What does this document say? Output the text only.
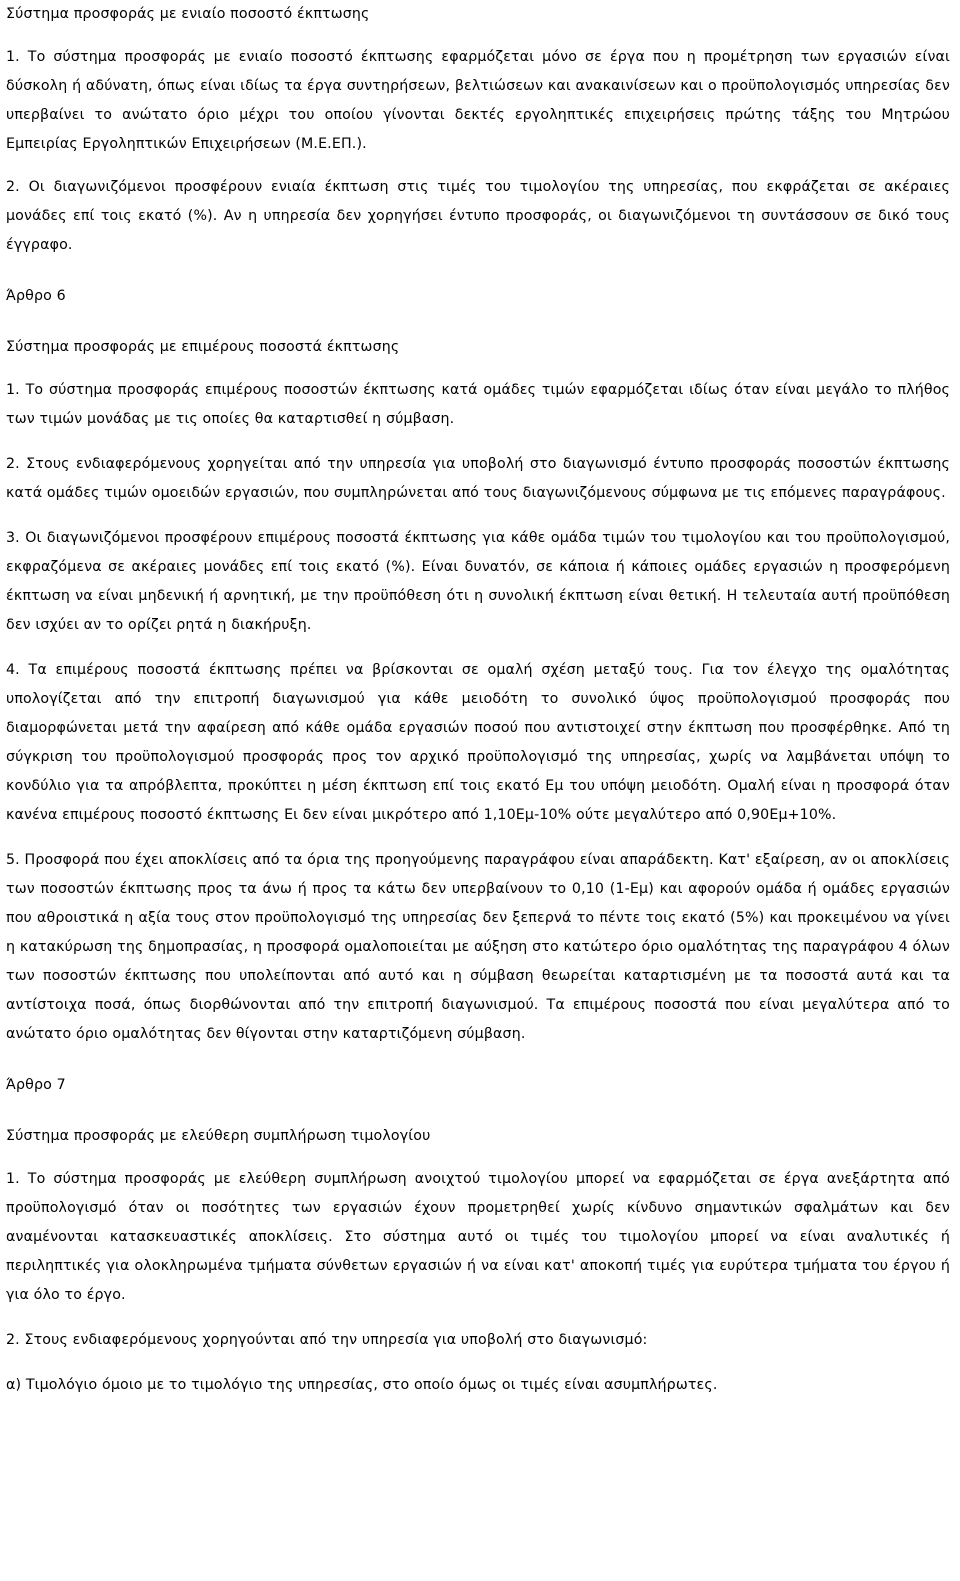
Σύστημα προσφοράς με ενιαίο ποσοστό έκπτωσης

1. Το σύστημα προσφοράς με ενιαίο ποσοστό έκπτωσης εφαρμόζεται μόνο σε έργα που η προμέτρηση των εργασιών είναι δύσκολη ή αδύνατη, όπως είναι ιδίως τα έργα συντηρήσεων, βελτιώσεων και ανακαινίσεων και ο προϋπολογισμός υπηρεσίας δεν υπερβαίνει το ανώτατο όριο μέχρι του οποίου γίνονται δεκτές εργοληπτικές επιχειρήσεις πρώτης τάξης του Μητρώου Εμπειρίας Εργοληπτικών Επιχειρήσεων (Μ.Ε.ΕΠ.).

2. Οι διαγωνιζόμενοι προσφέρουν ενιαία έκπτωση στις τιμές του τιμολογίου της υπηρεσίας, που εκφράζεται σε ακέραιες μονάδες επί τοις εκατό (%). Αν η υπηρεσία δεν χορηγήσει έντυπο προσφοράς, οι διαγωνιζόμενοι τη συντάσσουν σε δικό τους έγγραφο.

Άρθρο 6

Σύστημα προσφοράς με επιμέρους ποσοστά έκπτωσης

1. Το σύστημα προσφοράς επιμέρους ποσοστών έκπτωσης κατά ομάδες τιμών εφαρμόζεται ιδίως όταν είναι μεγάλο το πλήθος των τιμών μονάδας με τις οποίες θα καταρτισθεί η σύμβαση.

2. Στους ενδιαφερόμενους χορηγείται από την υπηρεσία για υποβολή στο διαγωνισμό έντυπο προσφοράς ποσοστών έκπτωσης κατά ομάδες τιμών ομοειδών εργασιών, που συμπληρώνεται από τους διαγωνιζόμενους σύμφωνα με τις επόμενες παραγράφους.

3. Οι διαγωνιζόμενοι προσφέρουν επιμέρους ποσοστά έκπτωσης για κάθε ομάδα τιμών του τιμολογίου και του προϋπολογισμού, εκφραζόμενα σε ακέραιες μονάδες επί τοις εκατό (%). Είναι δυνατόν, σε κάποια ή κάποιες ομάδες εργασιών η προσφερόμενη έκπτωση να είναι μηδενική ή αρνητική, με την προϋπόθεση ότι η συνολική έκπτωση είναι θετική. Η τελευταία αυτή προϋπόθεση δεν ισχύει αν το ορίζει ρητά η διακήρυξη.

4. Τα επιμέρους ποσοστά έκπτωσης πρέπει να βρίσκονται σε ομαλή σχέση μεταξύ τους. Για τον έλεγχο της ομαλότητας υπολογίζεται από την επιτροπή διαγωνισμού για κάθε μειοδότη το συνολικό ύψος προϋπολογισμού προσφοράς που διαμορφώνεται μετά την αφαίρεση από κάθε ομάδα εργασιών ποσού που αντιστοιχεί στην έκπτωση που προσφέρθηκε. Από τη σύγκριση του προϋπολογισμού προσφοράς προς τον αρχικό προϋπολογισμό της υπηρεσίας, χωρίς να λαμβάνεται υπόψη το κονδύλιο για τα απρόβλεπτα, προκύπτει η μέση έκπτωση επί τοις εκατό Εμ του υπόψη μειοδότη. Ομαλή είναι η προσφορά όταν κανένα επιμέρους ποσοστό έκπτωσης Ει δεν είναι μικρότερο από 1,10Εμ-10% ούτε μεγαλύτερο από 0,90Εμ+10%.

5. Προσφορά που έχει αποκλίσεις από τα όρια της προηγούμενης παραγράφου είναι απαράδεκτη. Κατ' εξαίρεση, αν οι αποκλίσεις των ποσοστών έκπτωσης προς τα άνω ή προς τα κάτω δεν υπερβαίνουν το 0,10 (1-Εμ) και αφορούν ομάδα ή ομάδες εργασιών που αθροιστικά η αξία τους στον προϋπολογισμό της υπηρεσίας δεν ξεπερνά το πέντε τοις εκατό (5%) και προκειμένου να γίνει η κατακύρωση της δημοπρασίας, η προσφορά ομαλοποιείται με αύξηση στο κατώτερο όριο ομαλότητας της παραγράφου 4 όλων των ποσοστών έκπτωσης που υπολείπονται από αυτό και η σύμβαση θεωρείται καταρτισμένη με τα ποσοστά αυτά και τα αντίστοιχα ποσά, όπως διορθώνονται από την επιτροπή διαγωνισμού. Τα επιμέρους ποσοστά που είναι μεγαλύτερα από το ανώτατο όριο ομαλότητας δεν θίγονται στην καταρτιζόμενη σύμβαση.

Άρθρο 7

Σύστημα προσφοράς με ελεύθερη συμπλήρωση τιμολογίου

1. Το σύστημα προσφοράς με ελεύθερη συμπλήρωση ανοιχτού τιμολογίου μπορεί να εφαρμόζεται σε έργα ανεξάρτητα από προϋπολογισμό όταν οι ποσότητες των εργασιών έχουν προμετρηθεί χωρίς κίνδυνο σημαντικών σφαλμάτων και δεν αναμένονται κατασκευαστικές αποκλίσεις. Στο σύστημα αυτό οι τιμές του τιμολογίου μπορεί να είναι αναλυτικές ή περιληπτικές για ολοκληρωμένα τμήματα σύνθετων εργασιών ή να είναι κατ' αποκοπή τιμές για ευρύτερα τμήματα του έργου ή για όλο το έργο.

2. Στους ενδιαφερόμενους χορηγούνται από την υπηρεσία για υποβολή στο διαγωνισμό:

α) Τιμολόγιο όμοιο με το τιμολόγιο της υπηρεσίας, στο οποίο όμως οι τιμές είναι ασυμπλήρωτες.
